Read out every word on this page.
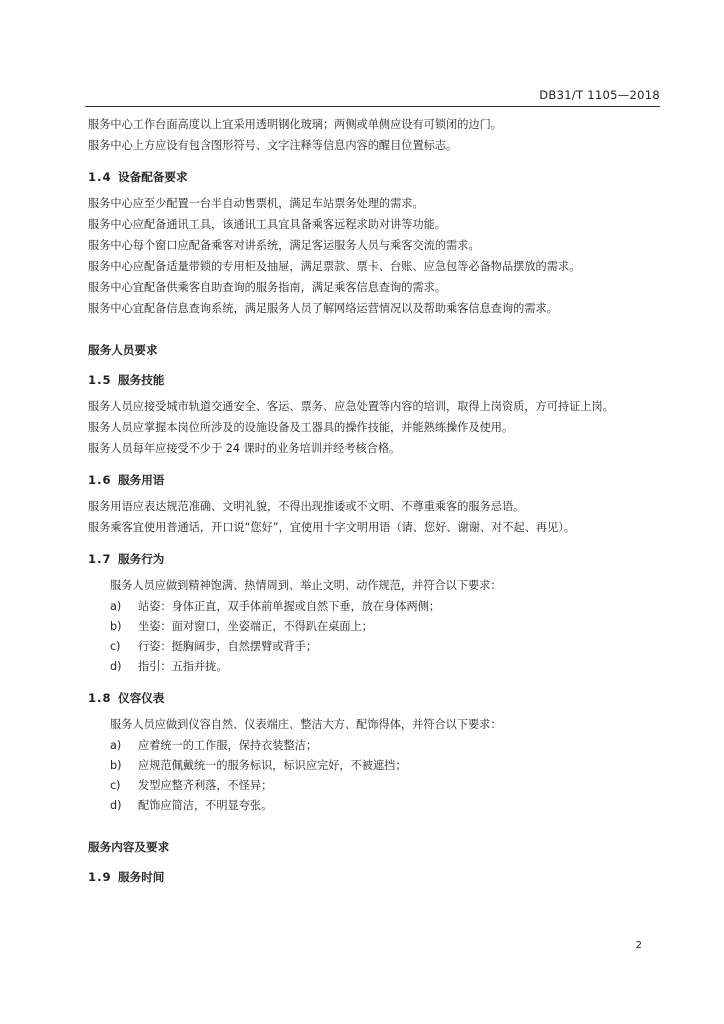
DB31/T 1105—2018

服务中心工作台面高度以上宜采用透明钢化玻璃；两侧或单侧应设有可锁闭的边门。

服务中心上方应设有包含图形符号、文字注释等信息内容的醒目位置标志。

1.4 设备配备要求

服务中心应至少配置一台半自动售票机，满足车站票务处理的需求。

服务中心应配备通讯工具，该通讯工具宜具备乘客远程求助对讲等功能。

服务中心每个窗口应配备乘客对讲系统，满足客运服务人员与乘客交流的需求。

服务中心应配备适量带锁的专用柜及抽屉，满足票款、票卡、台账、应急包等必备物品摆放的需求。

服务中心宜配备供乘客自助查询的服务指南，满足乘客信息查询的需求。

服务中心宜配备信息查询系统，满足服务人员了解网络运营情况以及帮助乘客信息查询的需求。

服务人员要求
1.5 服务技能

服务人员应接受城市轨道交通安全、客运、票务、应急处置等内容的培训，取得上岗资质，方可持证上岗。

服务人员应掌握本岗位所涉及的设施设备及工器具的操作技能，并能熟练操作及使用。

服务人员每年应接受不少于 24 课时的业务培训并经考核合格。

1.6 服务用语

服务用语应表达规范准确、文明礼貌，不得出现推诿或不文明、不尊重乘客的服务忌语。

服务乘客宜使用普通话，开口说“您好”，宜使用十字文明用语（请、您好、谢谢、对不起、再见）。

1.7 服务行为

服务人员应做到精神饱满、热情周到、举止文明、动作规范，并符合以下要求：

a)	站姿：身体正直，双手体前单握或自然下垂，放在身体两侧；
b)	坐姿：面对窗口，坐姿端正，不得趴在桌面上；
c)	行姿：挺胸阔步，自然摆臂或背手；
d)	指引：五指并拢。
1.8 仪容仪表

服务人员应做到仪容自然、仪表端庄、整洁大方、配饰得体，并符合以下要求：

a)	应着统一的工作服，保持衣装整洁；
b)	应规范佩戴统一的服务标识，标识应完好，不被遮挡；
c)	发型应整齐利落，不怪异；
d)	配饰应简洁，不明显夸张。
服务内容及要求
1.9 服务时间
2
